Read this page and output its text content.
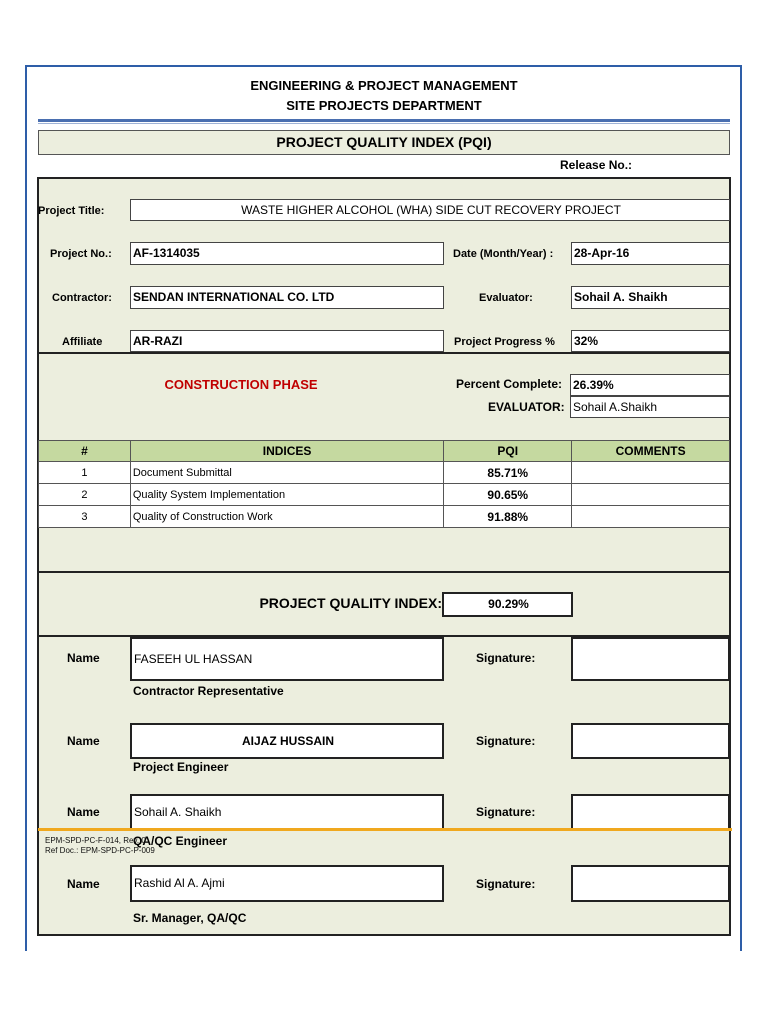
ENGINEERING & PROJECT MANAGEMENT
SITE PROJECTS DEPARTMENT
PROJECT QUALITY INDEX (PQI)
Release No.:
Project Title:	WASTE HIGHER ALCOHOL (WHA) SIDE CUT RECOVERY PROJECT
Project No.: AF-1314035	Date (Month/Year) : 28-Apr-16
Contractor: SENDAN INTERNATIONAL CO. LTD	Evaluator:	Sohail A. Shaikh
Affiliate	AR-RAZI	Project Progress % 32%
CONSTRUCTION PHASE	Percent Complete: 26.39%
EVALUATOR: Sohail A.Shaikh
#	INDICES	PQI	COMMENTS
1	Document Submittal	85.71%	
2	Quality System Implementation	90.65%	
3	Quality of Construction Work	91.88%	
PROJECT QUALITY INDEX:	90.29%
Name	FASEEH UL HASSAN	Signature:
Contractor Representative
Name	AIJAZ HUSSAIN	Signature:
Project Engineer
Name	Sohail A. Shaikh	Signature:
QA/QC Engineer
EPM-SPD-PC-F-014, Rev. 0
Ref Doc.: EPM-SPD-PC-P-009
Name	Rashid Al A. Ajmi	Signature:
Sr. Manager, QA/QC
